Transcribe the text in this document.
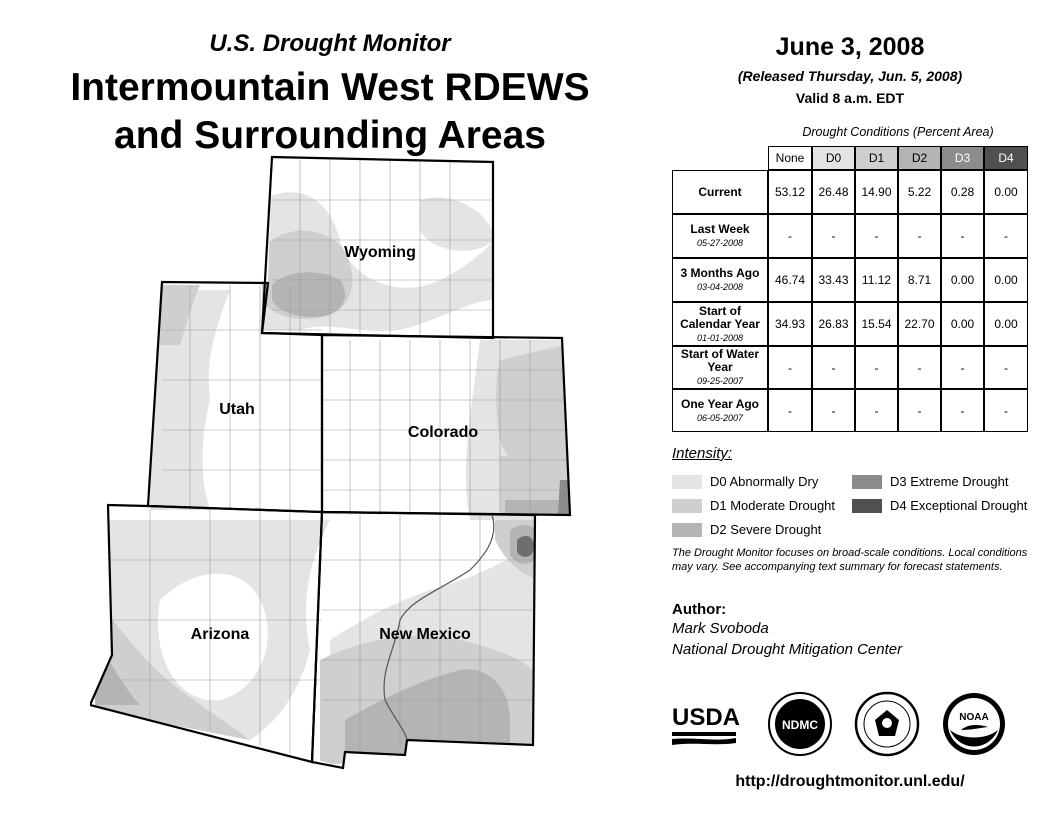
U.S. Drought Monitor
Intermountain West RDEWS
and Surrounding Areas
Wyoming
Utah
Colorado
Arizona	New Mexico
June 3, 2008
(Released Thursday, Jun. 5, 2008)
Valid 8 a.m. EDT
Drought Conditions (Percent Area)
None	D0	D1	D2	D3	D4
Current	53.12	26.48	14.90	5.22	0.28	0.00
Last Week
05-27-2008	-	-	-	-	-	-
3 Months Ago
03-04-2008	46.74	33.43	11.12	8.71	0.00	0.00
Start of Calendar Year
01-01-2008
34.93	26.83	15.54	22.70	0.00	0.00
Start of Water Year
09-25-2007
-	-	-	-	-	-
One Year Ago
06-05-2007	-	-	-	-	-	-
Intensity:
D0 Abnormally Dry
D1 Moderate Drought
D2 Severe Drought
D3 Extreme Drought
D4 Exceptional Drought
The Drought Monitor focuses on broad-scale conditions. Local conditions may vary. See accompanying text summary for forecast statements.
Author:
Mark Svoboda
National Drought Mitigation Center
USDA	NDMC
NOAA
http://droughtmonitor.unl.edu/
